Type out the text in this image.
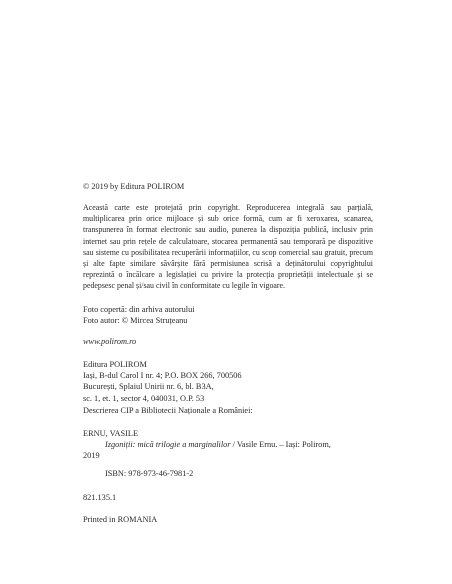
© 2019 by Editura POLIROM
Această carte este protejată prin copyright. Reproducerea integrală sau parțială, multiplicarea prin orice mijloace și sub orice formă, cum ar fi xeroxarea, scanarea, transpunerea în format electronic sau audio, punerea la dispoziția publică, inclusiv prin internet sau prin rețele de calculatoare, stocarea permanentă sau temporară pe dispozitive sau sisteme cu posibilitatea recuperării informațiilor, cu scop comercial sau gratuit, precum și alte fapte similare săvârșite fără permisiunea scrisă a deținătorului copyrightului reprezintă o încălcare a legislației cu privire la protecția proprietății intelectuale și se pedepsesc penal și/sau civil în conformitate cu legile în vigoare.
Foto copertă: din arhiva autorului
Foto autor: © Mircea Struțeanu
www.polirom.ro
Editura POLIROM
Iași, B-dul Carol I nr. 4; P.O. BOX 266, 700506
București, Splaiul Unirii nr. 6, bl. B3A,
sc. 1, et. 1, sector 4, 040031, O.P. 53
Descrierea CIP a Bibliotecii Naționale a României:
ERNU, VASILE
Izgoniții: mică trilogie a marginalilor / Vasile Ernu. – Iași: Polirom,
2019
ISBN: 978-973-46-7981-2
821.135.1
Printed in ROMANIA
